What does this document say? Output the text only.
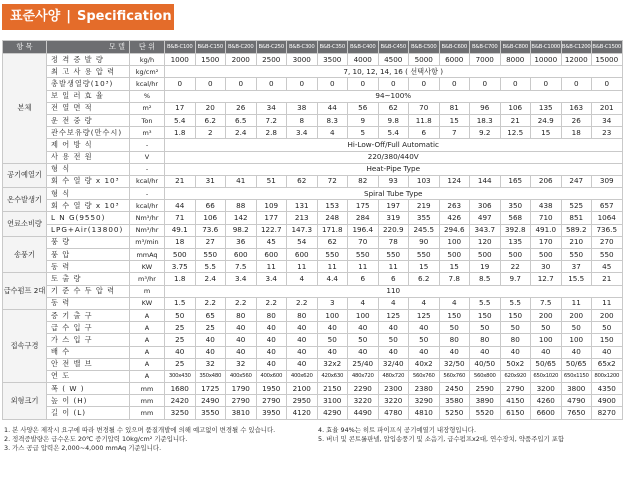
표준사양 | Specification
항 목	모 델	단 위	B&B-C100	B&B-C150	B&B-C200	B&B-C250	B&B-C300	B&B-C350	B&B-C400	B&B-C450	B&B-C500	B&B-C600	B&B-C700	B&B-C800	B&B-C1000	B&B-C1200	B&B-C1500
본체	정 격 증 발 량	kg/h	1000	1500	2000	2500	3000	3500	4000	4500	5000	6000	7000	8000	10000	12000	15000
	최 고 사 용 압 력	kg/cm²	7, 10, 12, 14, 16 ( 선택사항 )														
	총발생열량(10³)	kcal/hr	0	0	0	0	0	0	0	0	0	0	0	0	0	0	0
	보 일 러 효 율	%	94~100%														
	전 열 면 적	m²	17	20	26	34	38	44	56	62	70	81	96	106	135	163	201
	운 전 중 량	Ton	5.4	6.2	6.5	7.2	8	8.3	9	9.8	11.8	15	18.3	21	24.9	26	34
	관수보유량(만수시)	m³	1.8	2	2.4	2.8	3.4	4	5	5.4	6	7	9.2	12.5	15	18	23
	제 어 방 식	-	Hi-Low-Off/Full Automatic														
	사 용 전 원	V	220/380/440V														
공기예열기	형 식	-	Heat-Pipe Type														
	회 수 열 량 x 10³	kcal/hr	21	31	41	51	62	72	82	93	103	124	144	165	206	247	309
온수발생기	형 식	-	Spiral Tube Type														
	회 수 열 량 x 10³	kcal/hr	44	66	88	109	131	153	175	197	219	263	306	350	438	525	657
연료소비량	L N G(9550)	Nm³/hr	71	106	142	177	213	248	284	319	355	426	497	568	710	851	1064
	LPG+Air(13800)	Nm³/hr	49.1	73.6	98.2	122.7	147.3	171.8	196.4	220.9	245.5	294.6	343.7	392.8	491.0	589.2	736.5
송풍기	풍 량	m³/min	18	27	36	45	54	62	70	78	90	100	120	135	170	210	270
	풍 압	mmAq	500	550	600	600	600	550	550	550	550	500	500	500	500	550	550
	동 력	KW	3.75	5.5	7.5	11	11	11	11	11	15	15	19	22	30	37	45
급수펌프 2대	토 출 량	m³/hr	1.8	2.4	3.4	3.4	4	4.4	6	6	6.2	7.8	8.5	9.7	12.7	15.5	21
	기 준 수 두 압 력	m	110														
	동 력	KW	1.5	2.2	2.2	2.2	2.2	3	4	4	4	4	5.5	5.5	7.5	11	11
접속구경	증 기 출 구	A	50	65	80	80	80	100	100	125	125	150	150	150	200	200	200
	급 수 입 구	A	25	25	40	40	40	40	40	40	40	50	50	50	50	50	50
	가 스 입 구	A	25	40	40	40	40	50	50	50	50	80	80	80	100	100	150
	배 수	A	40	40	40	40	40	40	40	40	40	40	40	40	40	40	40
	안 전 밸 브	A	25	32	32	40	40	32x2	25/40	32/40	40x2	32/50	40/50	50x2	50/65	50/65	65x2
	연 도	A	300x430	350x480	400x560	400x600	400x620	420x630	480x720	480x720	560x760	560x760	560x800	620x920	650x1020	650x1150	800x1200
외형크기	폭 ( W )	mm	1680	1725	1790	1950	2100	2150	2290	2300	2380	2450	2590	2790	3200	3800	4350
	높 이 (H)	mm	2420	2490	2790	2790	2950	3100	3220	3220	3290	3580	3890	4150	4260	4790	4900
	길 이 (L)	mm	3250	3550	3810	3950	4120	4290	4490	4780	4810	5250	5520	6150	6600	7650	8270
1. 본 사양은 제작시 요구에 따라 변경될 수 있으며 품질개발에 의해 예고없이 변경될 수 있습니다.
2. 정격증발량은 급수온도 20℃ 증기압력 10kg/cm² 기준입니다.
3. 가스 공급 압력은 2,000~4,000 mmAq 기준입니다.
4. 효율 94%는 히트 파이프식 공기예열기 내장형입니다.
5. 버너 및 콘트롤판넬, 압입송풍기 및 소음기, 급수펌프x2대, 연수장치, 약품주입기 포함
